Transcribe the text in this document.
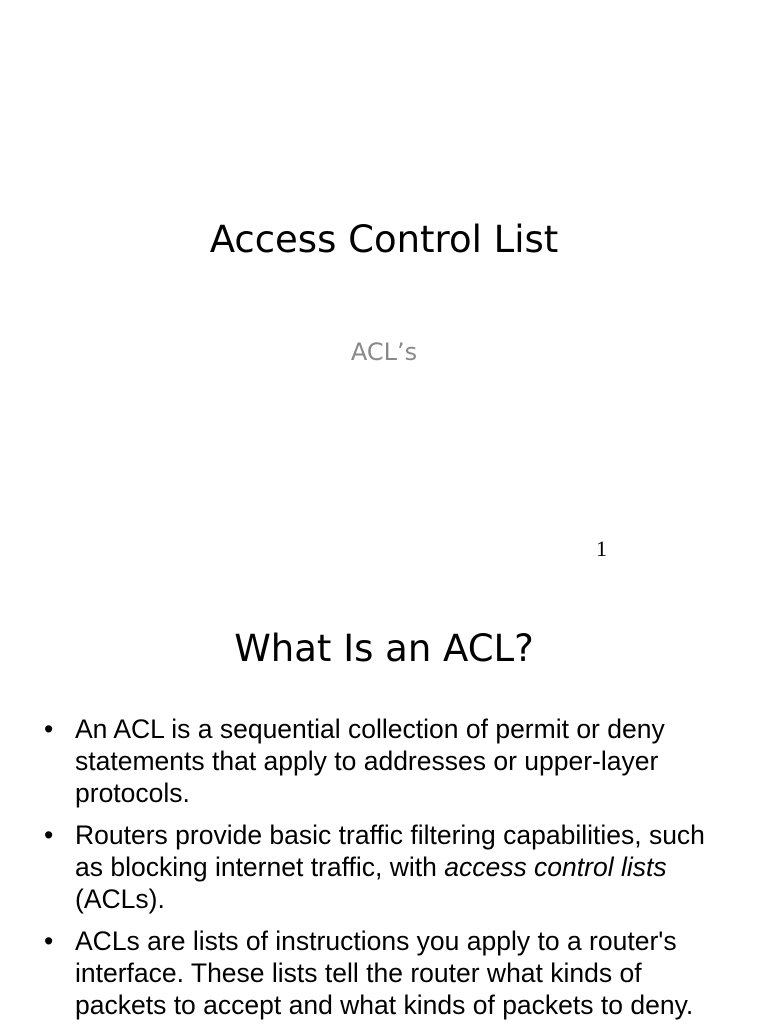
Access Control List
ACL’s
1
What Is an ACL?
• An ACL is a sequential collection of permit or deny statements that apply to addresses or upper-layer protocols.
• Routers provide basic traffic filtering capabilities, such as blocking internet traffic, with access control lists (ACLs).
• ACLs are lists of instructions you apply to a router's interface. These lists tell the router what kinds of packets to accept and what kinds of packets to deny.
